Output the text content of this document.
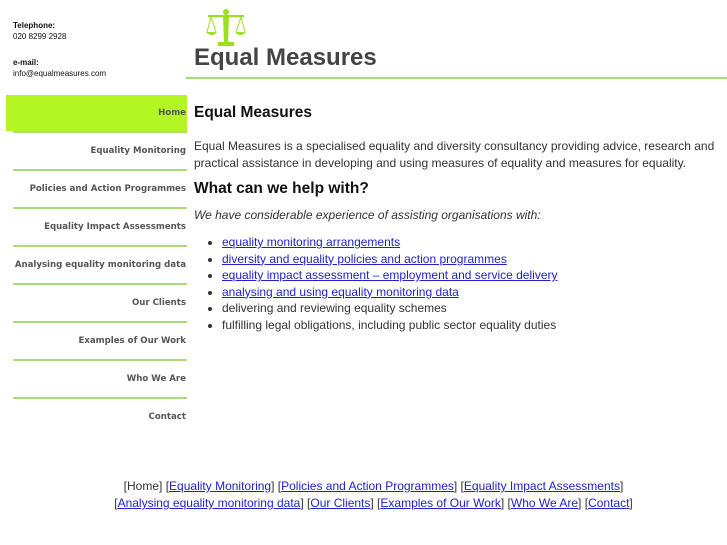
Telephone:
020 8299 2928
e-mail:
info@equalmeasures.com
Equal Measures
Home
Equality Monitoring
Policies and Action Programmes
Equality Impact Assessments
Analysing equality monitoring data
Our Clients
Examples of Our Work
Who We Are
Contact
Equal Measures

Equal Measures is a specialised equality and diversity consultancy providing advice, research and practical assistance in developing and using measures of equality and measures for equality.

What can we help with?

We have considerable experience of assisting organisations with:

• equality monitoring arrangements
• diversity and equality policies and action programmes
• equality impact assessment – employment and service delivery
• analysing and using equality monitoring data
• delivering and reviewing equality schemes
• fulfilling legal obligations, including public sector equality duties
[Home] [Equality Monitoring] [Policies and Action Programmes] [Equality Impact Assessments]
[Analysing equality monitoring data] [Our Clients] [Examples of Our Work] [Who We Are] [Contact]
